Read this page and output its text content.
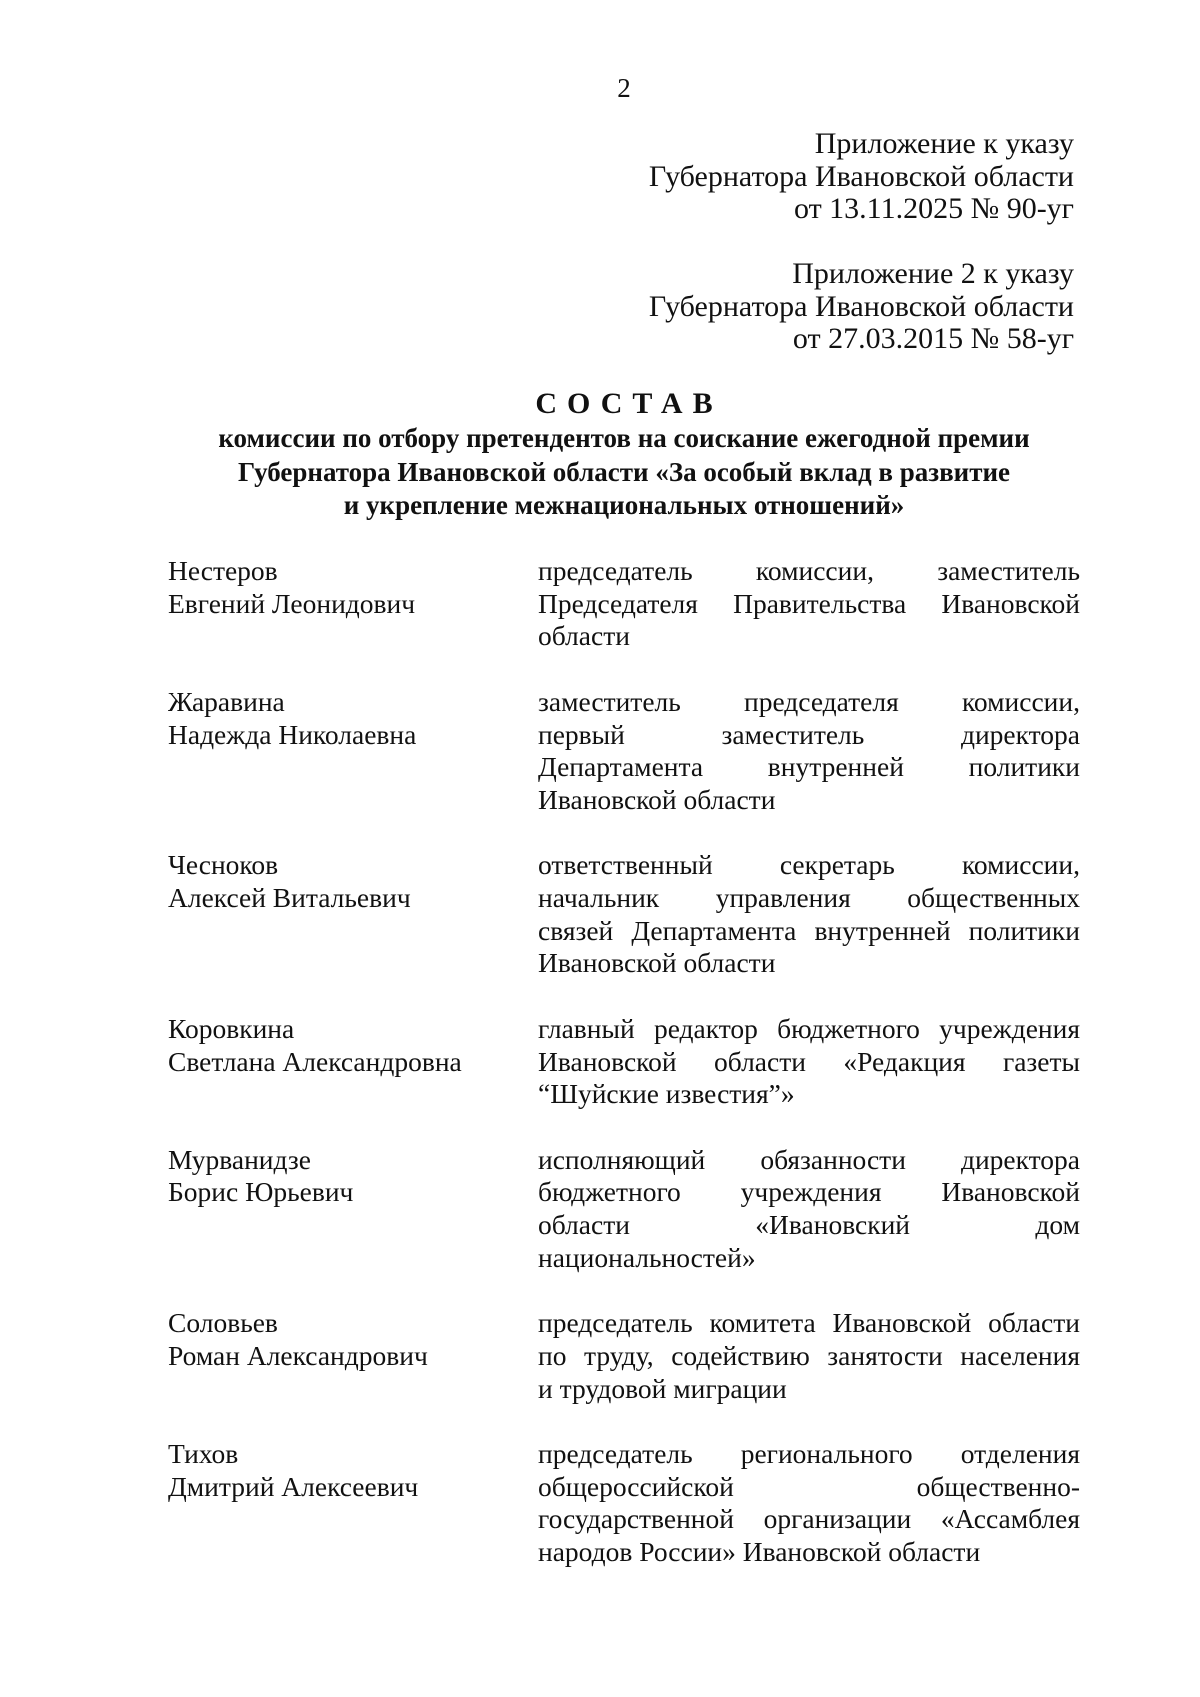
2
Приложение к указу
Губернатора Ивановской области
от 13.11.2025 № 90-уг
Приложение 2 к указу
Губернатора Ивановской области
от 27.03.2015 № 58-уг
СОСТАВ
комиссии по отбору претендентов на соискание ежегодной премии
Губернатора Ивановской области «За особый вклад в развитие
и укрепление межнациональных отношений»
Нестеров
Евгений Леонидович
председатель комиссии, заместитель
Председателя Правительства Ивановской
области
Жаравина
Надежда Николаевна
заместитель председателя комиссии,
первый заместитель директора
Департамента внутренней политики
Ивановской области
Чесноков
Алексей Витальевич
ответственный секретарь комиссии,
начальник управления общественных
связей Департамента внутренней политики
Ивановской области
Коровкина
Светлана Александровна
главный редактор бюджетного учреждения
Ивановской области «Редакция газеты
“Шуйские известия”»
Мурванидзе
Борис Юрьевич
исполняющий обязанности директора
бюджетного учреждения Ивановской
области «Ивановский дом
национальностей»
Соловьев
Роман Александрович
председатель комитета Ивановской области
по труду, содействию занятости населения
и трудовой миграции
Тихов
Дмитрий Алексеевич
председатель регионального отделения
общероссийской общественно-
государственной организации «Ассамблея
народов России» Ивановской области
